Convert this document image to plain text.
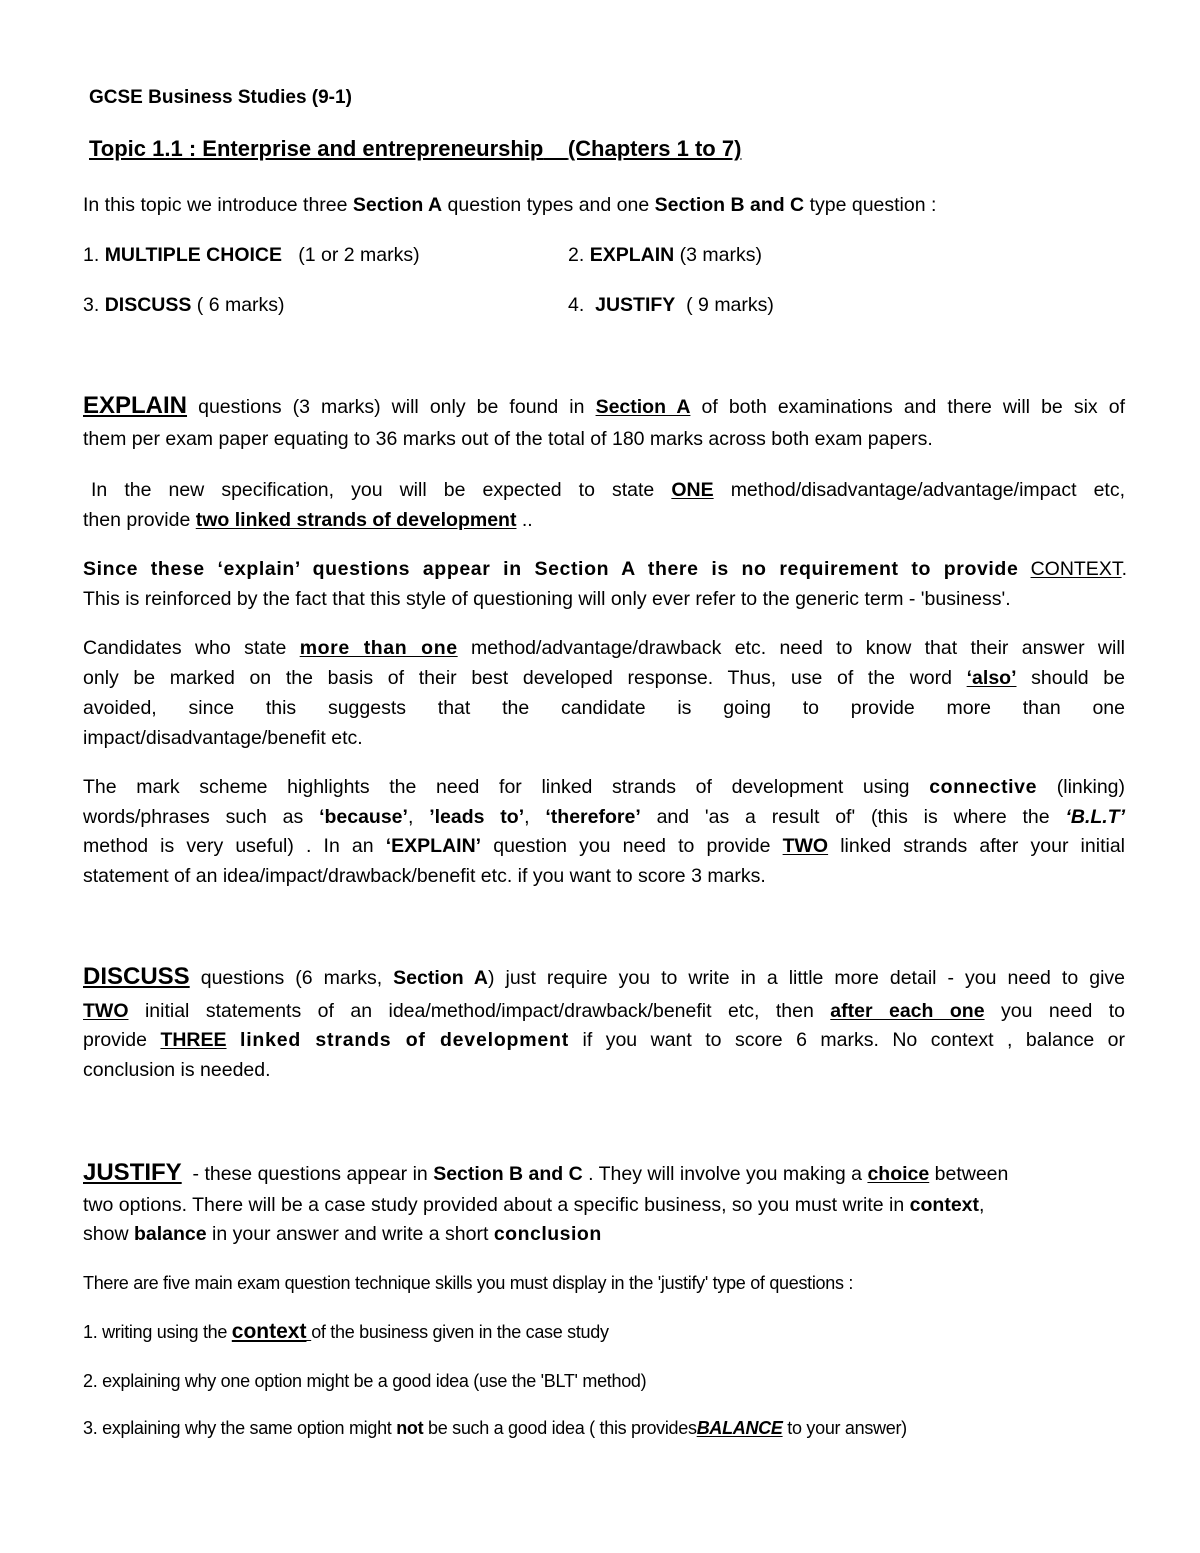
GCSE Business Studies (9-1)
Topic 1.1 : Enterprise and entrepreneurship (Chapters 1 to 7)
In this topic we introduce three Section A question types and one Section B and C type question :
1. MULTIPLE CHOICE (1 or 2 marks)	2. EXPLAIN (3 marks)
3. DISCUSS ( 6 marks)	4. JUSTIFY ( 9 marks)
EXPLAIN questions (3 marks) will only be found in Section A of both examinations and there will be six of
them per exam paper equating to 36 marks out of the total of 180 marks across both exam papers.
In the new specification, you will be expected to state ONE method/disadvantage/advantage/impact etc,
then provide two linked strands of development ..
Since these ‘explain’ questions appear in Section A there is no requirement to provide CONTEXT.
This is reinforced by the fact that this style of questioning will only ever refer to the generic term - 'business'.
Candidates who state more than one method/advantage/drawback etc. need to know that their answer will
only be marked on the basis of their best developed response. Thus, use of the word ‘also’ should be
avoided, since this suggests that the candidate is going to provide more than one
impact/disadvantage/benefit etc.
The mark scheme highlights the need for linked strands of development using connective (linking)
words/phrases such as ‘because’, ’leads to’, ‘therefore’ and 'as a result of' (this is where the ‘B.L.T’
method is very useful) . In an ‘EXPLAIN’ question you need to provide TWO linked strands after your initial
statement of an idea/impact/drawback/benefit etc. if you want to score 3 marks.
DISCUSS questions (6 marks, Section A) just require you to write in a little more detail - you need to give
TWO initial statements of an idea/method/impact/drawback/benefit etc, then after each one you need to
provide THREE linked strands of development if you want to score 6 marks. No context , balance or
conclusion is needed.
JUSTIFY - these questions appear in Section B and C . They will involve you making a choice between
two options. There will be a case study provided about a specific business, so you must write in context,
show balance in your answer and write a short conclusion
There are five main exam question technique skills you must display in the 'justify' type of questions :
1. writing using the context of the business given in the case study
2. explaining why one option might be a good idea (use the 'BLT' method)
3. explaining why the same option might not be such a good idea ( this providesBALANCE to your answer)
